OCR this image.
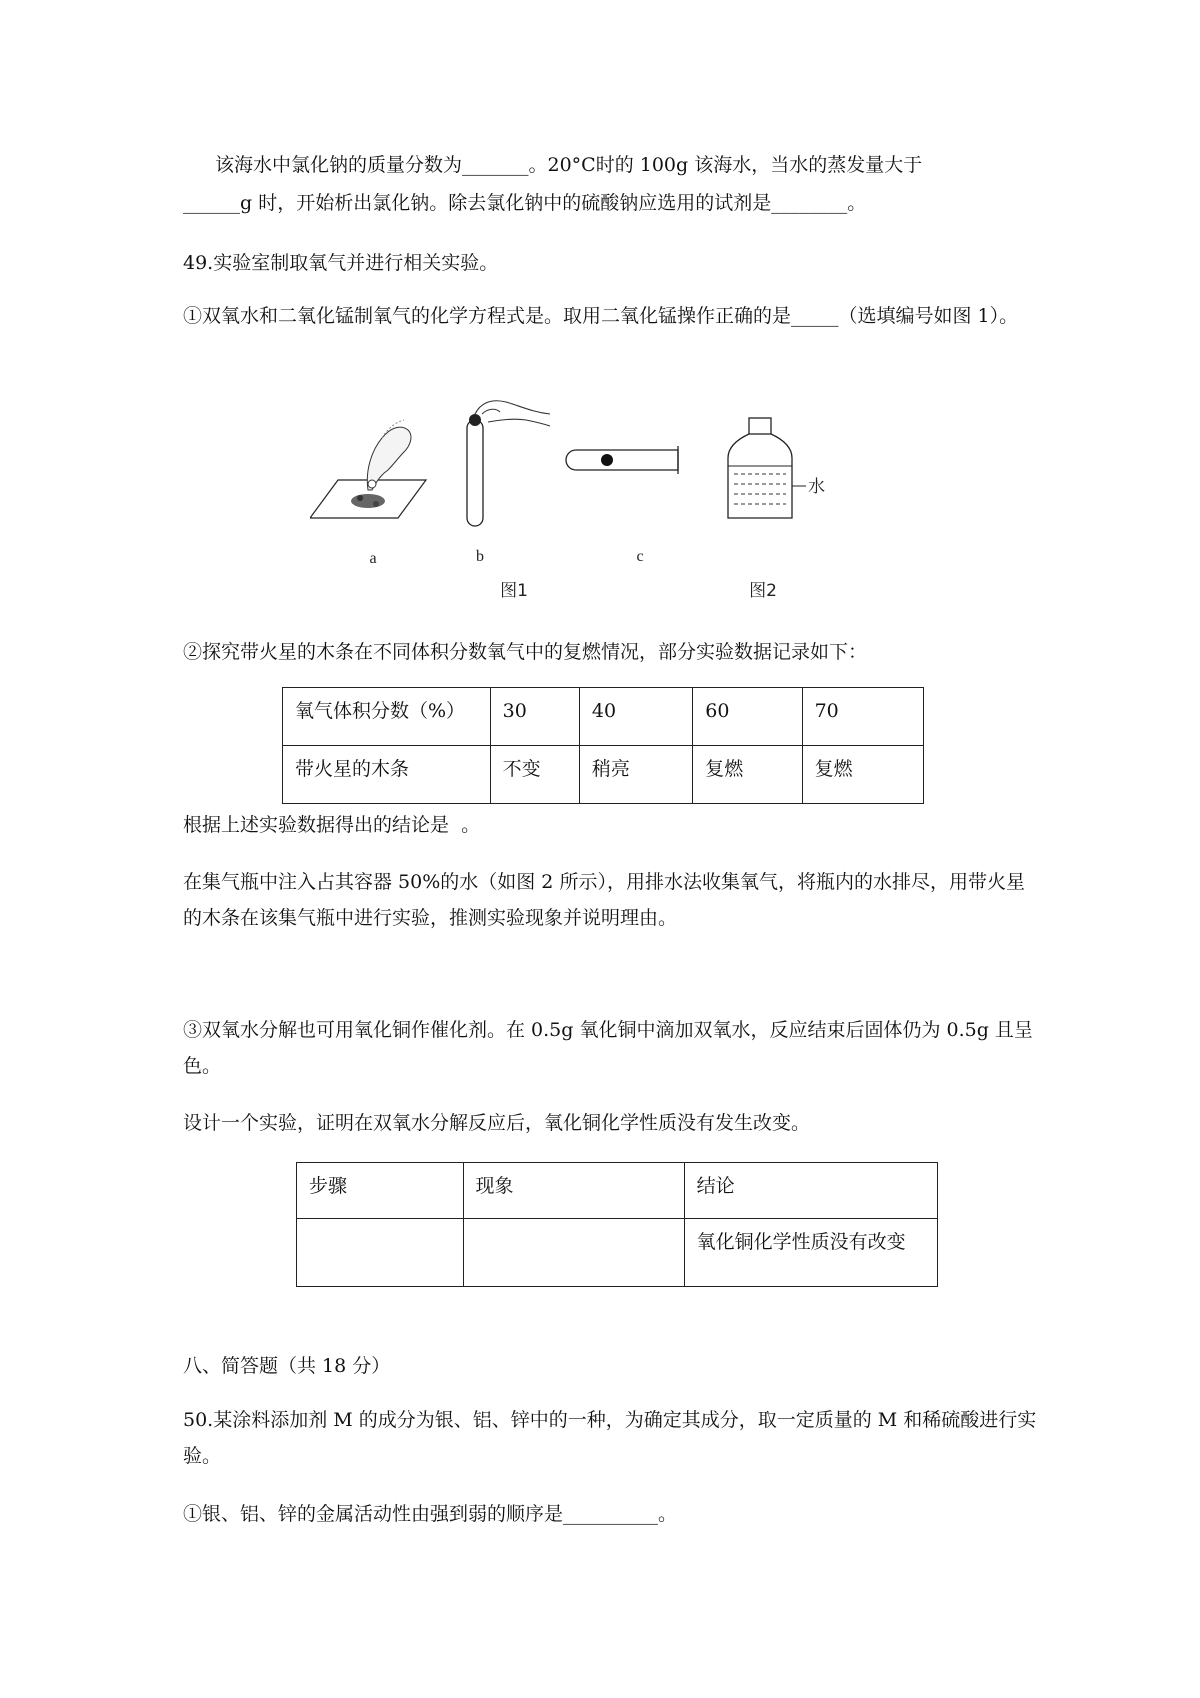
该海水中氯化钠的质量分数为_______。20°C时的 100g 该海水，当水的蒸发量大于

______g 时，开始析出氯化钠。除去氯化钠中的硫酸钠应选用的试剂是________。

49.实验室制取氧气并进行相关实验。

①双氧水和二氧化锰制氧气的化学方程式是。取用二氧化锰操作正确的是_____（选填编号如图 1）。

水
a	b	c
图1	图2

②探究带火星的木条在不同体积分数氧气中的复燃情况，部分实验数据记录如下：

氧气体积分数（%）	30	40	60	70
带火星的木条	不变	稍亮	复燃	复燃

根据上述实验数据得出的结论是  。

在集气瓶中注入占其容器 50%的水（如图 2 所示），用排水法收集氧气，将瓶内的水排尽，用带火星的木条在该集气瓶中进行实验，推测实验现象并说明理由。

③双氧水分解也可用氧化铜作催化剂。在 0.5g 氧化铜中滴加双氧水，反应结束后固体仍为 0.5g 且呈色。

设计一个实验，证明在双氧水分解反应后，氧化铜化学性质没有发生改变。

步骤	现象	结论
		氧化铜化学性质没有改变

八、简答题（共 18 分）

50.某涂料添加剂 M 的成分为银、铝、锌中的一种，为确定其成分，取一定质量的 M 和稀硫酸进行实验。

①银、铝、锌的金属活动性由强到弱的顺序是__________。
